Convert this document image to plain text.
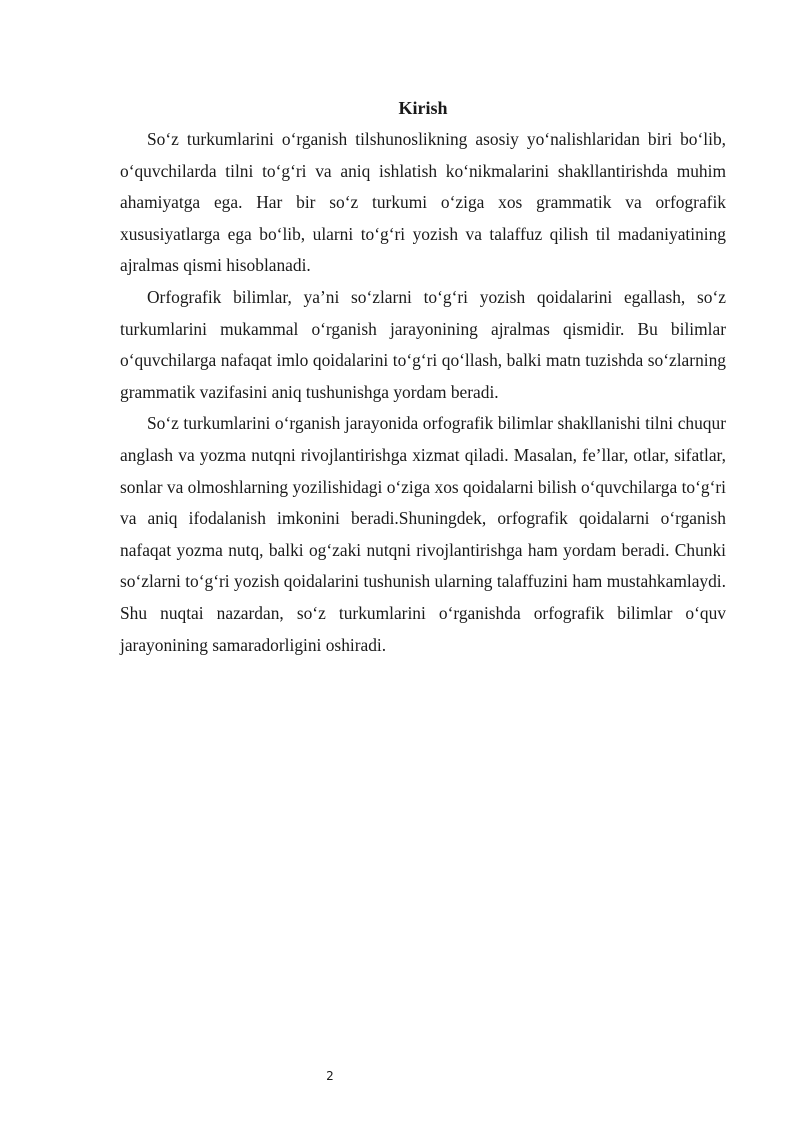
Kirish

So‘z turkumlarini o‘rganish tilshunoslikning asosiy yo‘nalishlaridan biri bo‘lib, o‘quvchilarda tilni to‘g‘ri va aniq ishlatish ko‘nikmalarini shakllantirishda muhim ahamiyatga ega. Har bir so‘z turkumi o‘ziga xos grammatik va orfografik xususiyatlarga ega bo‘lib, ularni to‘g‘ri yozish va talaffuz qilish til madaniyatining ajralmas qismi hisoblanadi.

Orfografik bilimlar, ya’ni so‘zlarni to‘g‘ri yozish qoidalarini egallash, so‘z turkumlarini mukammal o‘rganish jarayonining ajralmas qismidir. Bu bilimlar o‘quvchilarga nafaqat imlo qoidalarini to‘g‘ri qo‘llash, balki matn tuzishda so‘zlarning grammatik vazifasini aniq tushunishga yordam beradi.

So‘z turkumlarini o‘rganish jarayonida orfografik bilimlar shakllanishi tilni chuqur anglash va yozma nutqni rivojlantirishga xizmat qiladi. Masalan, fe’llar, otlar, sifatlar, sonlar va olmoshlarning yozilishidagi o‘ziga xos qoidalarni bilish o‘quvchilarga to‘g‘ri va aniq ifodalanish imkonini beradi.Shuningdek, orfografik qoidalarni o‘rganish nafaqat yozma nutq, balki og‘zaki nutqni rivojlantirishga ham yordam beradi. Chunki so‘zlarni to‘g‘ri yozish qoidalarini tushunish ularning talaffuzini ham mustahkamlaydi. Shu nuqtai nazardan, so‘z turkumlarini o‘rganishda orfografik bilimlar o‘quv jarayonining samaradorligini oshiradi.

2
